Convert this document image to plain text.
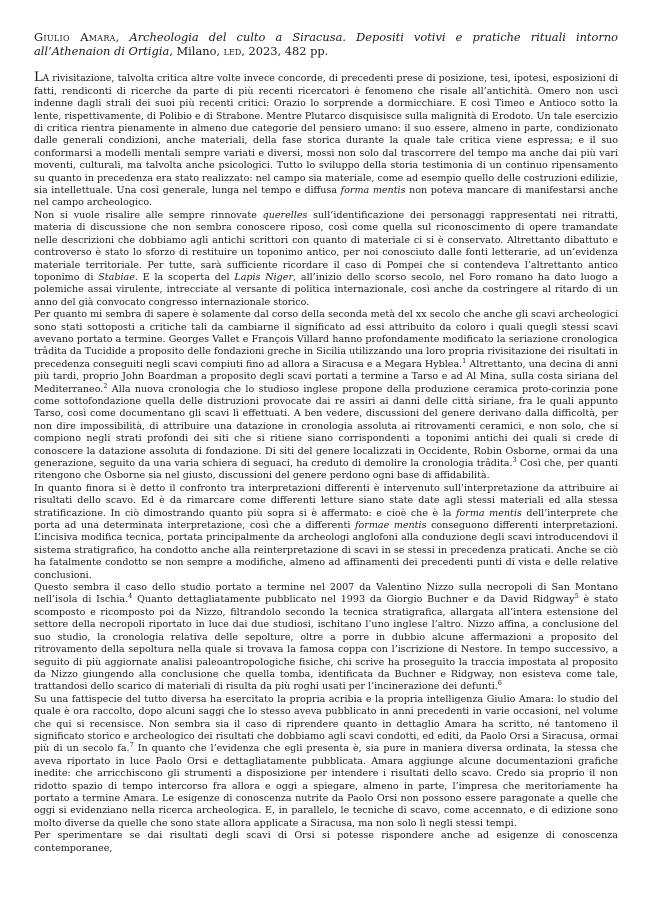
Giulio Amara, Archeologia del culto a Siracusa. Depositi votivi e pratiche rituali intorno all’Athenaion di Ortigia, Milano, led, 2023, 482 pp.

La rivisitazione, talvolta critica altre volte invece concorde, di precedenti prese di posizione, tesi, ipotesi, esposizioni di fatti, rendiconti di ricerche da parte di più recenti ricercatori è fenomeno che risale all’antichità. Omero non uscì indenne dagli strali dei suoi più recenti critici: Orazio lo sorprende a dormicchiare. E così Timeo e Antioco sotto la lente, rispettivamente, di Polibio e di Strabone. Mentre Plutarco disquisisce sulla malignità di Erodoto. Un tale esercizio di critica rientra pienamente in almeno due categorie del pensiero umano: il suo essere, almeno in parte, condizionato dalle generali condizioni, anche materiali, della fase storica durante la quale tale critica viene espressa; e il suo conformarsi a modelli mentali sempre variati e diversi, mossi non solo dal trascorrere del tempo ma anche dai più vari moventi, culturali, ma talvolta anche psicologici. Tutto lo sviluppo della storia testimonia di un continuo ripensamento su quanto in precedenza era stato realizzato: nel campo sia materiale, come ad esempio quello delle costruzioni edilizie, sia intellettuale. Una così generale, lunga nel tempo e diffusa forma mentis non poteva mancare di manifestarsi anche nel campo archeologico.

Non si vuole risalire alle sempre rinnovate querelles sull’identificazione dei personaggi rappresentati nei ritratti, materia di discussione che non sembra conoscere riposo, così come quella sul riconoscimento di opere tramandate nelle descrizioni che dobbiamo agli antichi scrittori con quanto di materiale ci si è conservato. Altrettanto dibattuto e controverso è stato lo sforzo di restituire un toponimo antico, per noi conosciuto dalle fonti letterarie, ad un’evidenza materiale territoriale. Per tutte, sarà sufficiente ricordare il caso di Pompei che si contendeva l’altrettanto antico toponimo di Stabiae. E la scoperta del Lapis Niger, all’inizio dello scorso secolo, nel Foro romano ha dato luogo a polemiche assai virulente, intrecciate al versante di politica internazionale, così anche da costringere al ritardo di un anno del già convocato congresso internazionale storico.

Per quanto mi sembra di sapere è solamente dal corso della seconda metà del xx secolo che anche gli scavi archeologici sono stati sottoposti a critiche tali da cambiarne il significato ad essi attribuito da coloro i quali quegli stessi scavi avevano portato a termine. Georges Vallet e François Villard hanno profondamente modificato la seriazione cronologica trâdita da Tucidide a proposito delle fondazioni greche in Sicilia utilizzando una loro propria rivisitazione dei risultati in precedenza conseguiti negli scavi compiuti fino ad allora a Siracusa e a Megara Hyblea.$^1$ Altrettanto, una decina di anni più tardi, proprio John Boardman a proposito degli scavi portati a termine a Tarso e ad Al Mina, sulla costa siriana del Mediterraneo.$^2$ Alla nuova cronologia che lo studioso inglese propone della produzione ceramica proto-corinzia pone come sottofondazione quella delle distruzioni provocate dai re assiri ai danni delle città siriane, fra le quali appunto Tarso, così come documentano gli scavi lì effettuati. A ben vedere, discussioni del genere derivano dalla difficoltà, per non dire impossibilità, di attribuire una datazione in cronologia assoluta ai ritrovamenti ceramici, e non solo, che si compiono negli strati profondi dei siti che si ritiene siano corrispondenti a toponimi antichi dei quali si crede di conoscere la datazione assoluta di fondazione. Di siti del genere localizzati in Occidente, Robin Osborne, ormai da una generazione, seguito da una varia schiera di seguaci, ha creduto di demolire la cronologia trâdita.$^3$ Così che, per quanti ritengono che Osborne sia nel giusto, discussioni del genere perdono ogni base di affidabilità.

In quanto finora si è detto il confronto tra interpretazioni differenti è intervenuto sull’interpretazione da attribuire ai risultati dello scavo. Ed è da rimarcare come differenti letture siano state date agli stessi materiali ed alla stessa stratificazione. In ciò dimostrando quanto più sopra si è affermato: e cioè che è la forma mentis dell’interprete che porta ad una determinata interpretazione, così che a differenti formae mentis conseguono differenti interpretazioni. L’incisiva modifica tecnica, portata principalmente da archeologi anglofoni alla conduzione degli scavi introducendovi il sistema stratigrafico, ha condotto anche alla reinterpretazione di scavi in se stessi in precedenza praticati. Anche se ciò ha fatalmente condotto se non sempre a modifiche, almeno ad affinamenti dei precedenti punti di vista e delle relative conclusioni.

Questo sembra il caso dello studio portato a termine nel 2007 da Valentino Nizzo sulla necropoli di San Montano nell’isola di Ischia.$^4$ Quanto dettagliatamente pubblicato nel 1993 da Giorgio Buchner e da David Ridgway$^5$ è stato scomposto e ricomposto poi da Nizzo, filtrandolo secondo la tecnica stratigrafica, allargata all’intera estensione del settore della necropoli riportato in luce dai due studiosi, ischitano l’uno inglese l’altro. Nizzo affina, a conclusione del suo studio, la cronologia relativa delle sepolture, oltre a porre in dubbio alcune affermazioni a proposito del ritrovamento della sepoltura nella quale si trovava la famosa coppa con l’iscrizione di Nestore. In tempo successivo, a seguito di più aggiornate analisi paleoantropologiche fisiche, chi scrive ha proseguito la traccia impostata al proposito da Nizzo giungendo alla conclusione che quella tomba, identificata da Buchner e Ridgway, non esisteva come tale, trattandosi dello scarico di materiali di risulta da più roghi usati per l’incinerazione dei defunti.$^6$

Su una fattispecie del tutto diversa ha esercitato la propria acribia e la propria intelligenza Giulio Amara: lo studio del quale è ora raccolto, dopo alcuni saggi che lo stesso aveva pubblicato in anni precedenti in varie occasioni, nel volume che qui si recensisce. Non sembra sia il caso di riprendere quanto in dettaglio Amara ha scritto, né tantomeno il significato storico e archeologico dei risultati che dobbiamo agli scavi condotti, ed editi, da Paolo Orsi a Siracusa, ormai più di un secolo fa.$^7$ In quanto che l’evidenza che egli presenta è, sia pure in maniera diversa ordinata, la stessa che aveva riportato in luce Paolo Orsi e dettagliatamente pubblicata. Amara aggiunge alcune documentazioni grafiche inedite: che arricchiscono gli strumenti a disposizione per intendere i risultati dello scavo. Credo sia proprio il non ridotto spazio di tempo intercorso fra allora e oggi a spiegare, almeno in parte, l’impresa che meritoriamente ha portato a termine Amara. Le esigenze di conoscenza nutrite da Paolo Orsi non possono essere paragonate a quelle che oggi si evidenziano nella ricerca archeologica. E, in parallelo, le tecniche di scavo, come accennato, e di edizione sono molto diverse da quelle che sono state allora applicate a Siracusa, ma non solo lì negli stessi tempi.

Per sperimentare se dai risultati degli scavi di Orsi si potesse rispondere anche ad esigenze di conoscenza contemporanee,
